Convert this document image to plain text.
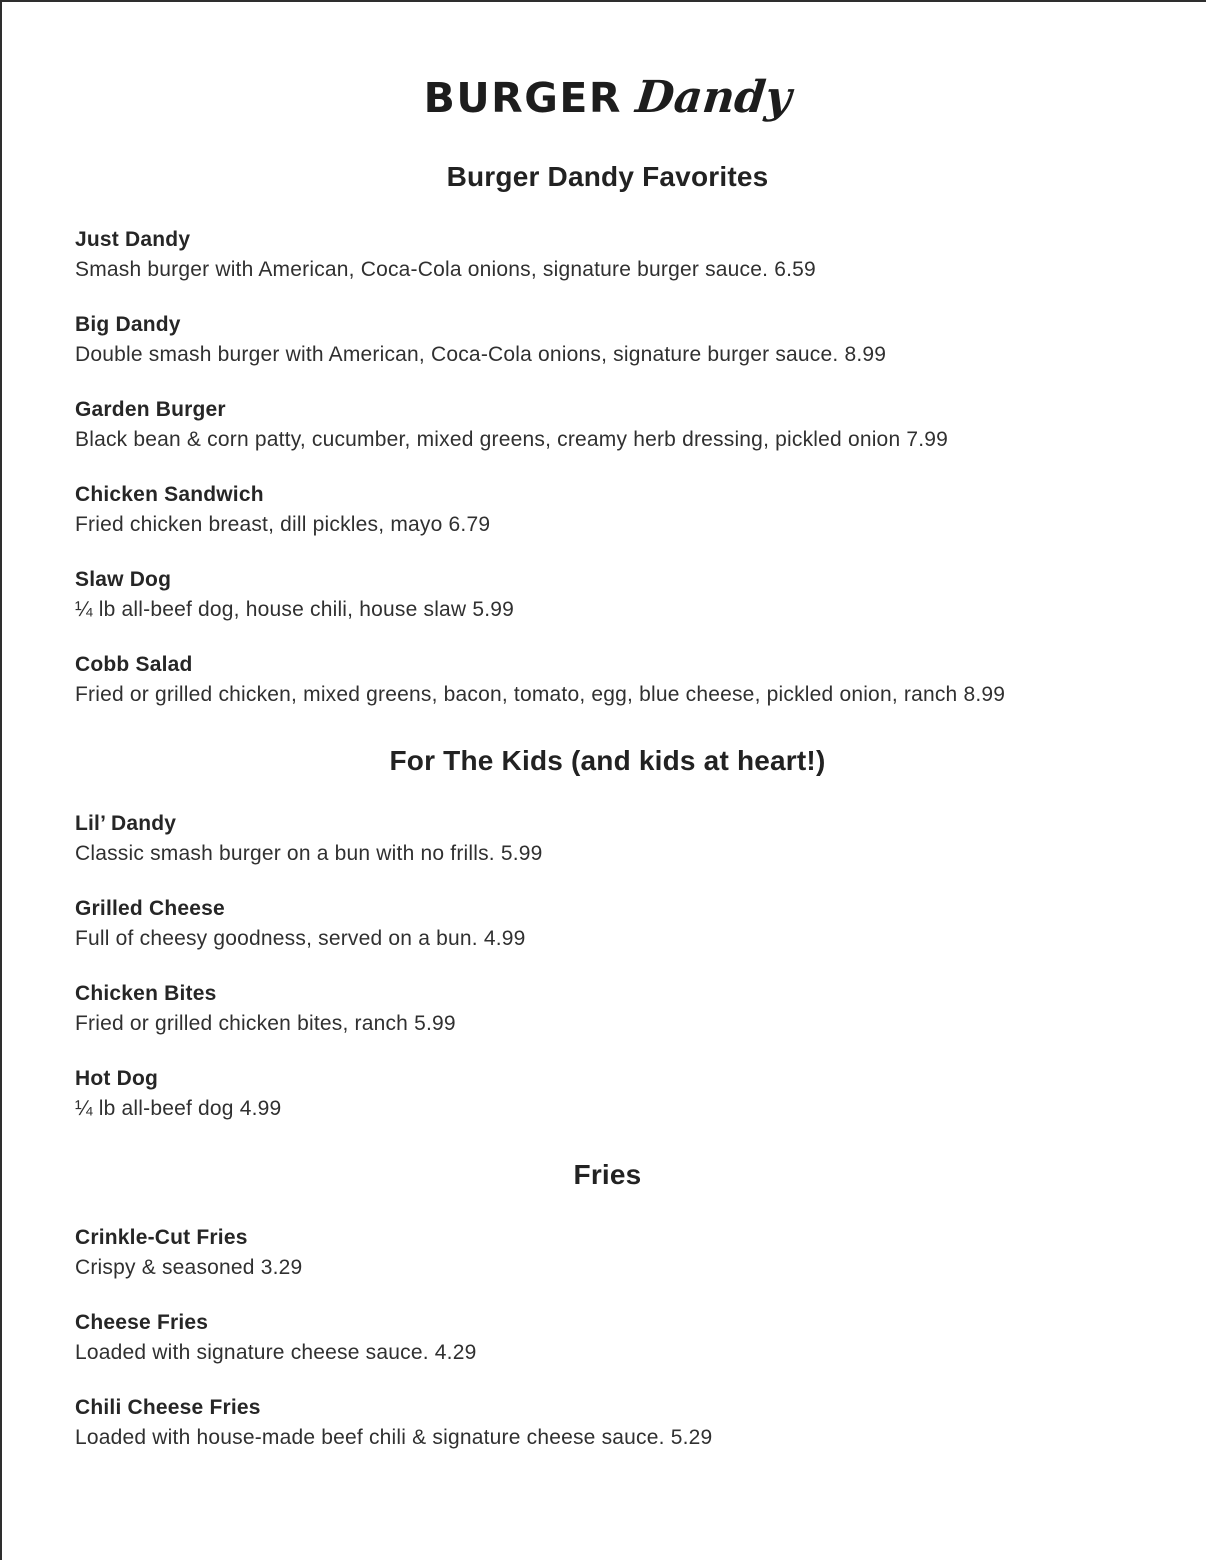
BURGER Dandy
Burger Dandy Favorites
Just Dandy
Smash burger with American, Coca-Cola onions, signature burger sauce. 6.59
Big Dandy
Double smash burger with American, Coca-Cola onions, signature burger sauce. 8.99
Garden Burger
Black bean & corn patty, cucumber, mixed greens, creamy herb dressing, pickled onion 7.99
Chicken Sandwich
Fried chicken breast, dill pickles, mayo 6.79
Slaw Dog
¼ lb all-beef dog, house chili, house slaw 5.99
Cobb Salad
Fried or grilled chicken, mixed greens, bacon, tomato, egg, blue cheese, pickled onion, ranch 8.99
For The Kids (and kids at heart!)
Lil’ Dandy
Classic smash burger on a bun with no frills. 5.99
Grilled Cheese
Full of cheesy goodness, served on a bun. 4.99
Chicken Bites
Fried or grilled chicken bites, ranch 5.99
Hot Dog
¼ lb all-beef dog 4.99
Fries
Crinkle-Cut Fries
Crispy & seasoned 3.29
Cheese Fries
Loaded with signature cheese sauce. 4.29
Chili Cheese Fries
Loaded with house-made beef chili & signature cheese sauce. 5.29
